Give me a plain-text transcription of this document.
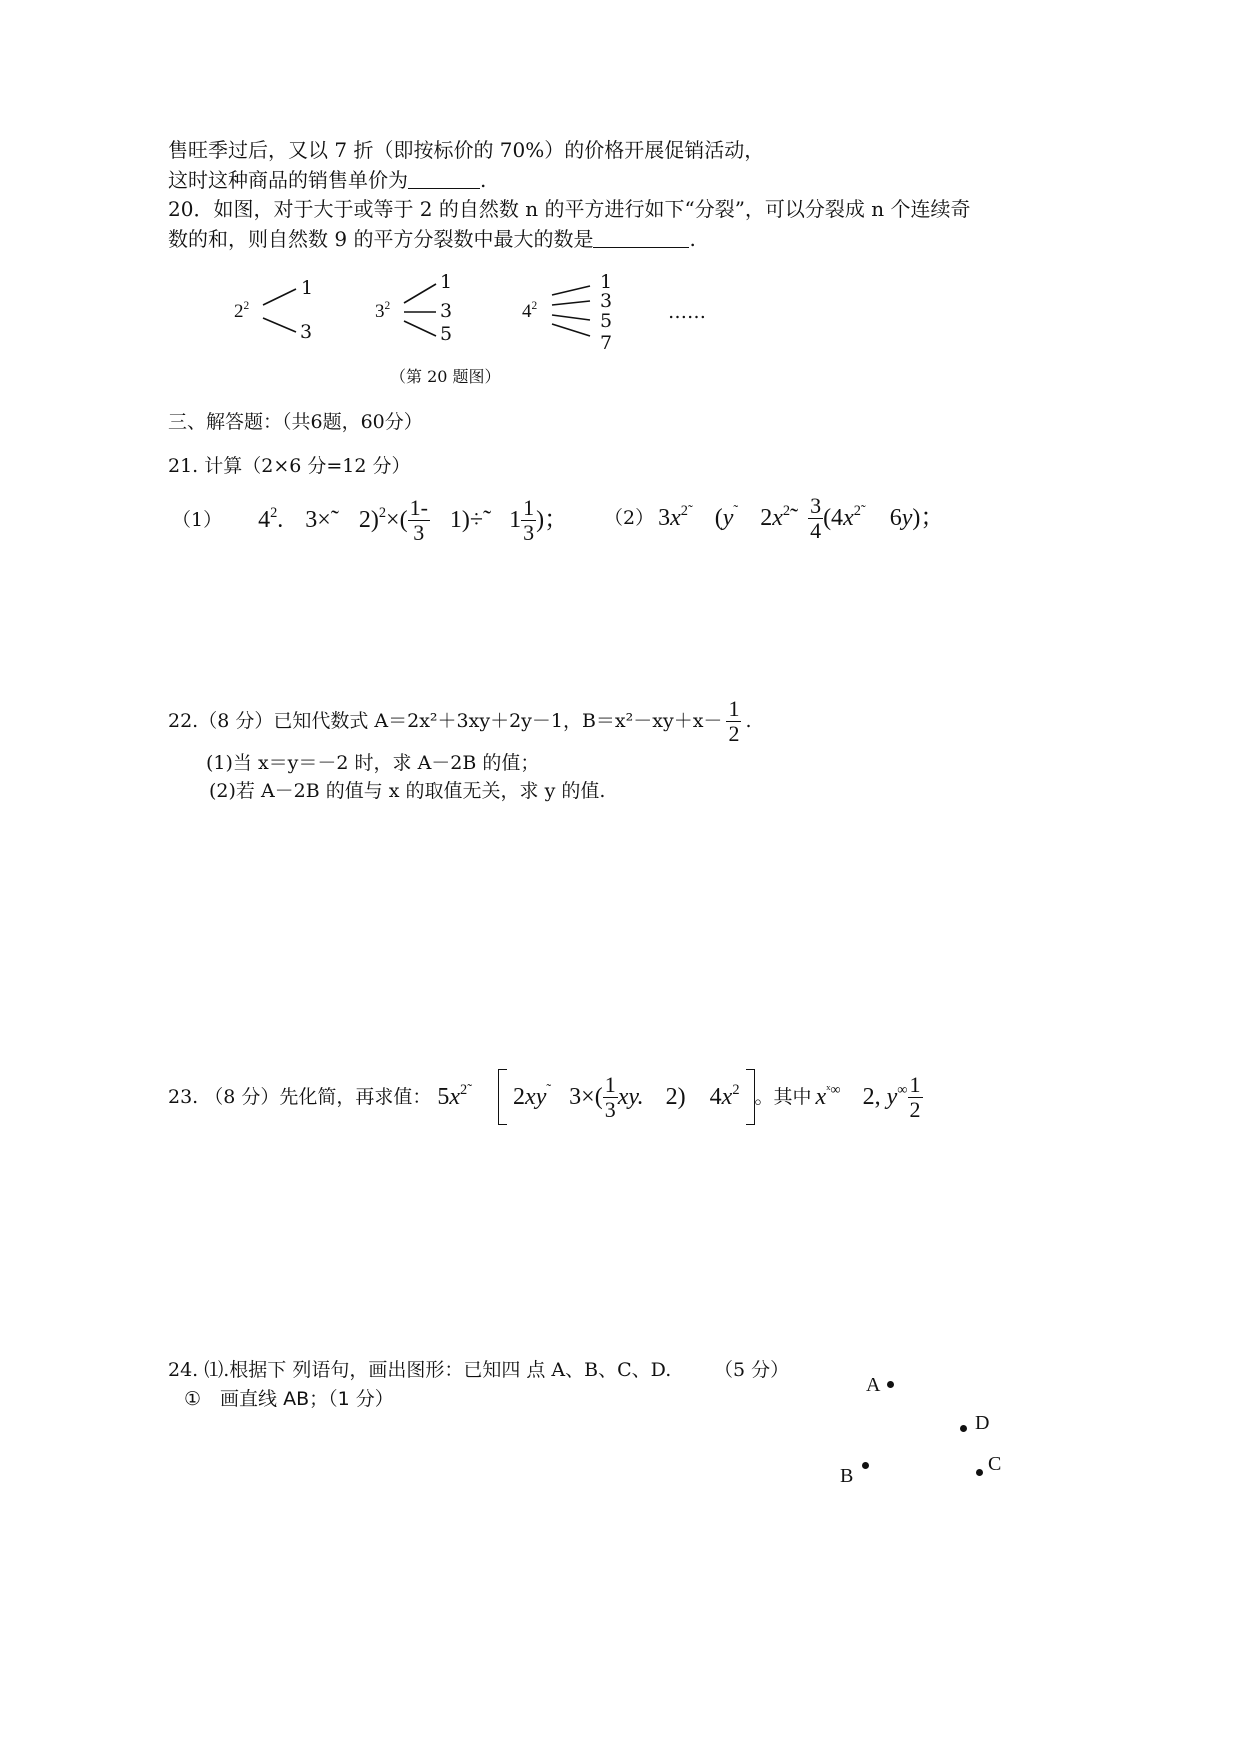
售旺季过后，又以 7 折（即按标价的 70%）的价格开展促销活动，
这时这种商品的销售单价为	.
20．如图，对于大于或等于 2 的自然数 n 的平方进行如下“分裂”，可以分裂成 n 个连续奇
数的和，则自然数 9 的平方分裂数中最大的数是	.
$2^2$	$3^2$	$4^2$
1
3
1
3
5
1
3
5
7
……
（第 20 题图）
三、解答题：（共6题，60分）
21. 计算（2×6 分=12 分）
（1） $4^2$. 3× ˜ 2)$^2$ ×( $\frac{1-}{3} 1)\div$ ˜ $1 \frac{1}{3}$ )； （2） $3x^{2˜}$ (y˜ $2x^2˜ \frac{3}{4} (4x^{2˜}$ 6y)；
22.（8 分）已知代数式 A＝2x²＋3xy＋2y－1，$B=x^2-xy+x- \frac{1}{2}$ .
(1)当 x＝y＝－2 时，求 A－2B 的值；
(2)若 A－2B 的值与 x 的取值无关，求 y 的值.
23. （8 分）先化简，再求值： $5x^{2˜}$ 2xy˜ $3\times( \frac{1}{3}$ xy. 2) $4x^2$ 。其中 $x^{ˣ\infty}$ 2, $y^\infty \frac{1}{2}$
24. ⑴.根据下 列语句，画出图形：已知四 点 A、B、C、D. （5 分）
①　画直线 AB；（1 分）
A
D
B
C
